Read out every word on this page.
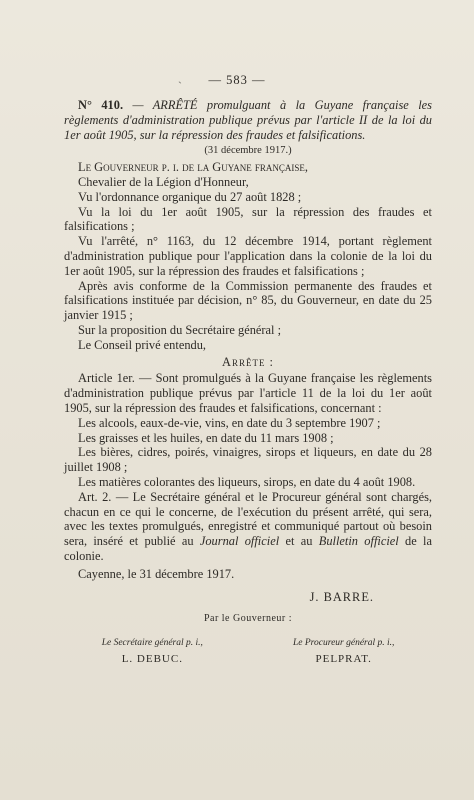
ˎ	— 583 —
N° 410. — ARRÊTÉ promulguant à la Guyane française les règlements d'administration publique prévus par l'article II de la loi du 1er août 1905, sur la répression des fraudes et falsifications.
(31 décembre 1917.)
Le Gouverneur p. i. de la Guyane française,
Chevalier de la Légion d'Honneur,
Vu l'ordonnance organique du 27 août 1828 ;
Vu la loi du 1er août 1905, sur la répression des fraudes et falsifications ;
Vu l'arrêté, n° 1163, du 12 décembre 1914, portant règlement d'administration publique pour l'application dans la colonie de la loi du 1er août 1905, sur la répression des fraudes et falsifications ;
Après avis conforme de la Commission permanente des fraudes et falsifications instituée par décision, n° 85, du Gouverneur, en date du 25 janvier 1915 ;
Sur la proposition du Secrétaire général ;
Le Conseil privé entendu,
Arrête :
Article 1er. — Sont promulgués à la Guyane française les règlements d'administration publique prévus par l'article 11 de la loi du 1er août 1905, sur la répression des fraudes et falsifications, concernant :
Les alcools, eaux-de-vie, vins, en date du 3 septembre 1907 ;
Les graisses et les huiles, en date du 11 mars 1908 ;
Les bières, cidres, poirés, vinaigres, sirops et liqueurs, en date du 28 juillet 1908 ;
Les matières colorantes des liqueurs, sirops, en date du 4 août 1908.
Art. 2. — Le Secrétaire général et le Procureur général sont chargés, chacun en ce qui le concerne, de l'exécution du présent arrêté, qui sera, avec les textes promulgués, enregistré et communiqué partout où besoin sera, inséré et publié au Journal officiel et au Bulletin officiel de la colonie.
Cayenne, le 31 décembre 1917.
J. BARRE.
Par le Gouverneur :
Le Secrétaire général p. i.,	Le Procureur général p. i.,
L. DEBUC.	PELPRAT.
